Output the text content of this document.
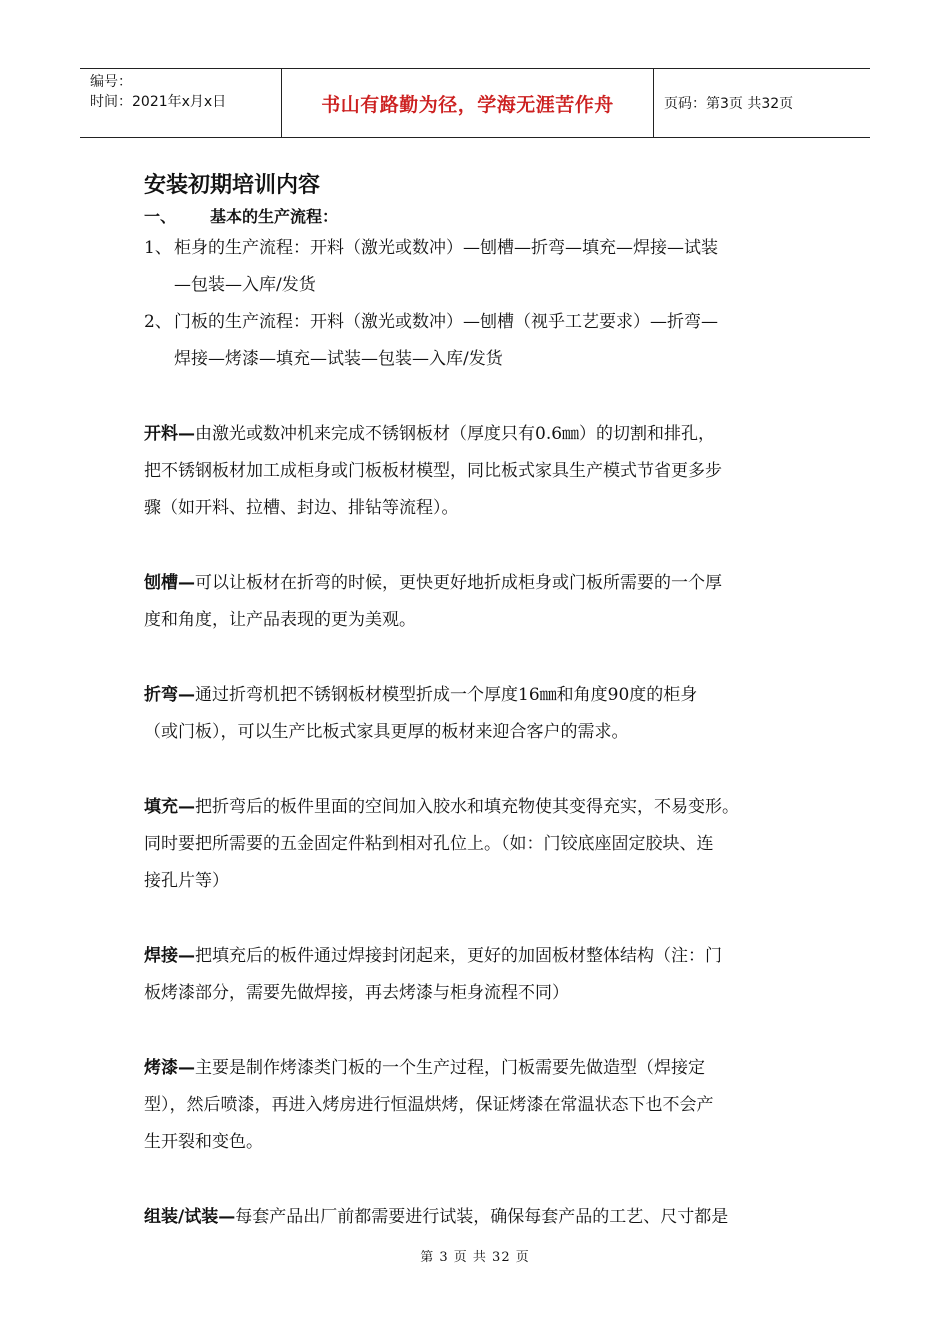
编号：
时间：2021年x月x日	书山有路勤为径，学海无涯苦作舟	页码：第3页 共32页
安装初期培训内容

一、 基本的生产流程：

1、 柜身的生产流程：开料（激光或数冲）—刨槽—折弯—填充—焊接—试装

—包装—入库/发货

2、 门板的生产流程：开料（激光或数冲）—刨槽（视乎工艺要求）—折弯—

焊接—烤漆—填充—试装—包装—入库/发货

开料—由激光或数冲机来完成不锈钢板材（厚度只有0.6㎜）的切割和排孔，

把不锈钢板材加工成柜身或门板板材模型，同比板式家具生产模式节省更多步

骤（如开料、拉槽、封边、排钻等流程）。

刨槽—可以让板材在折弯的时候，更快更好地折成柜身或门板所需要的一个厚

度和角度，让产品表现的更为美观。

折弯—通过折弯机把不锈钢板材模型折成一个厚度16㎜和角度90度的柜身

（或门板），可以生产比板式家具更厚的板材来迎合客户的需求。

填充—把折弯后的板件里面的空间加入胶水和填充物使其变得充实，不易变形。

同时要把所需要的五金固定件粘到相对孔位上。（如：门铰底座固定胶块、连

接孔片等）

焊接—把填充后的板件通过焊接封闭起来，更好的加固板材整体结构（注：门

板烤漆部分，需要先做焊接，再去烤漆与柜身流程不同）

烤漆—主要是制作烤漆类门板的一个生产过程，门板需要先做造型（焊接定

型），然后喷漆，再进入烤房进行恒温烘烤，保证烤漆在常温状态下也不会产

生开裂和变色。

组装/试装—每套产品出厂前都需要进行试装，确保每套产品的工艺、尺寸都是

第 3 页 共 32 页
